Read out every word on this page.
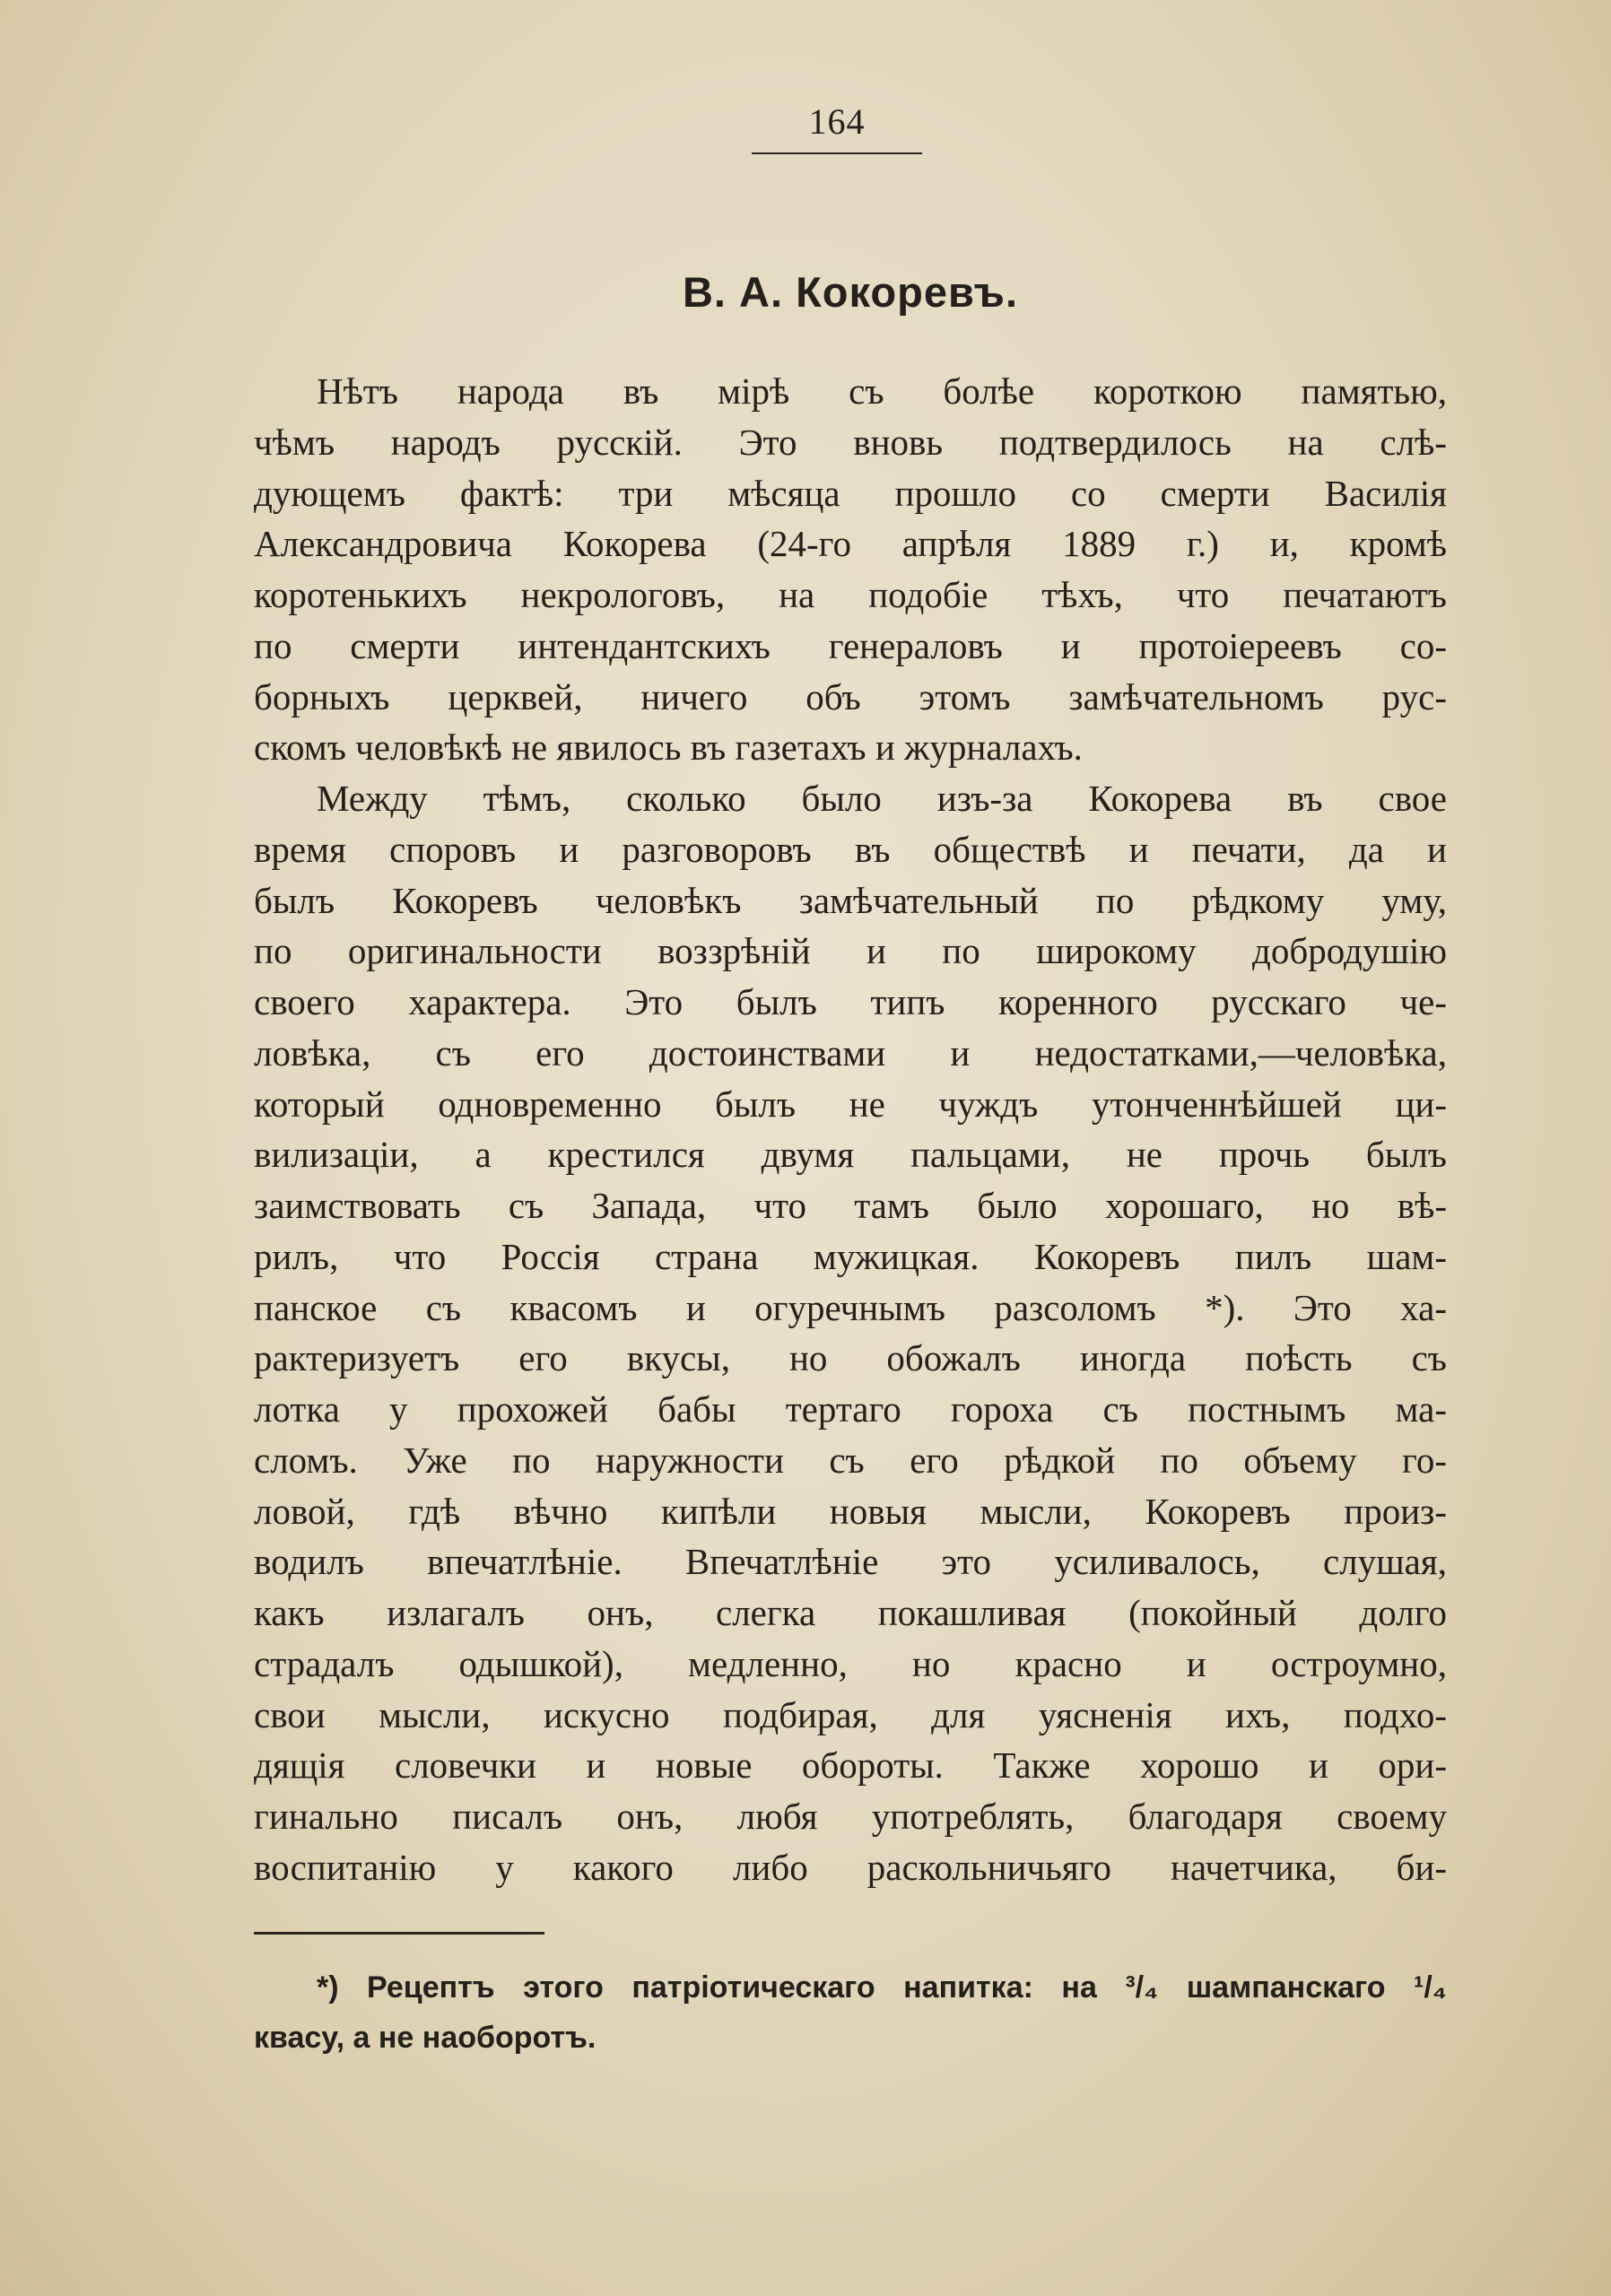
164
В. А. Кокоревъ.
Нѣтъ народа въ мірѣ съ болѣе короткою памятью,
чѣмъ народъ русскій. Это вновь подтвердилось на слѣ-
дующемъ фактѣ: три мѣсяца прошло со смерти Василія
Александровича Кокорева (24-го апрѣля 1889 г.) и, кромѣ
коротенькихъ некрологовъ, на подобіе тѣхъ, что печатаютъ
по смерти интендантскихъ генераловъ и протоіереевъ со-
борныхъ церквей, ничего объ этомъ замѣчательномъ рус-
скомъ человѣкѣ не явилось въ газетахъ и журналахъ.
Между тѣмъ, сколько было изъ-за Кокорева въ свое
время споровъ и разговоровъ въ обществѣ и печати, да и
былъ Кокоревъ человѣкъ замѣчательный по рѣдкому уму,
по оригинальности воззрѣній и по широкому добродушію
своего характера. Это былъ типъ коренного русскаго че-
ловѣка, съ его достоинствами и недостатками,—человѣка,
который одновременно былъ не чуждъ утонченнѣйшей ци-
вилизаціи, а крестился двумя пальцами, не прочь былъ
заимствовать съ Запада, что тамъ было хорошаго, но вѣ-
рилъ, что Россія страна мужицкая. Кокоревъ пилъ шам-
панское съ квасомъ и огуречнымъ разсоломъ *). Это ха-
рактеризуетъ его вкусы, но обожалъ иногда поѣсть съ
лотка у прохожей бабы тертаго гороха съ постнымъ ма-
сломъ. Уже по наружности съ его рѣдкой по объему го-
ловой, гдѣ вѣчно кипѣли новыя мысли, Кокоревъ произ-
водилъ впечатлѣніе. Впечатлѣніе это усиливалось, слушая,
какъ излагалъ онъ, слегка покашливая (покойный долго
страдалъ одышкой), медленно, но красно и остроумно,
свои мысли, искусно подбирая, для уясненія ихъ, подхо-
дящія словечки и новые обороты. Также хорошо и ори-
гинально писалъ онъ, любя употреблять, благодаря своему
воспитанію у какого либо раскольничьяго начетчика, би-
*) Рецептъ этого патріотическаго напитка: на ³/₄ шампанскаго ¹/₄
квасу, а не наоборотъ.
